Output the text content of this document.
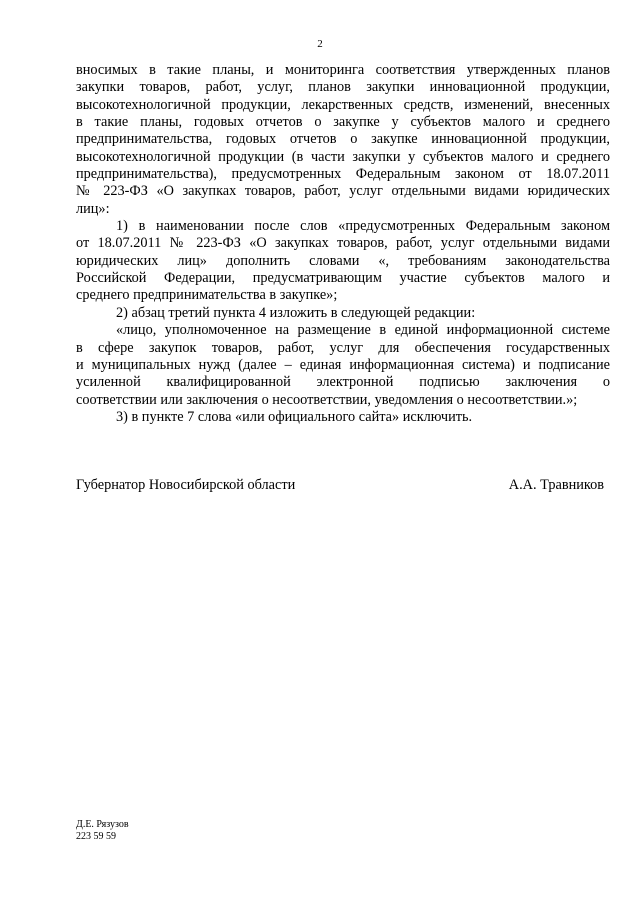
2
вносимых в такие планы, и мониторинга соответствия утвержденных планов
закупки товаров, работ, услуг, планов закупки инновационной продукции,
высокотехнологичной продукции, лекарственных средств, изменений, внесенных
в такие планы, годовых отчетов о закупке у субъектов малого и среднего
предпринимательства, годовых отчетов о закупке инновационной продукции,
высокотехнологичной продукции (в части закупки у субъектов малого и среднего
предпринимательства), предусмотренных Федеральным законом от 18.07.2011
№ 223-ФЗ «О закупках товаров, работ, услуг отдельными видами юридических
лиц»:
1) в наименовании после слов «предусмотренных Федеральным законом
от 18.07.2011 № 223-ФЗ «О закупках товаров, работ, услуг отдельными видами
юридических лиц» дополнить словами «, требованиям законодательства
Российской Федерации, предусматривающим участие субъектов малого и
среднего предпринимательства в закупке»;
2) абзац третий пункта 4 изложить в следующей редакции:
«лицо, уполномоченное на размещение в единой информационной системе
в сфере закупок товаров, работ, услуг для обеспечения государственных
и муниципальных нужд (далее – единая информационная система) и подписание
усиленной квалифицированной электронной подписью заключения о
соответствии или заключения о несоответствии, уведомления о несоответствии.»;
3) в пункте 7 слова «или официального сайта» исключить.
Губернатор Новосибирской области	А.А. Травников
Д.Е. Рязузов
223 59 59
